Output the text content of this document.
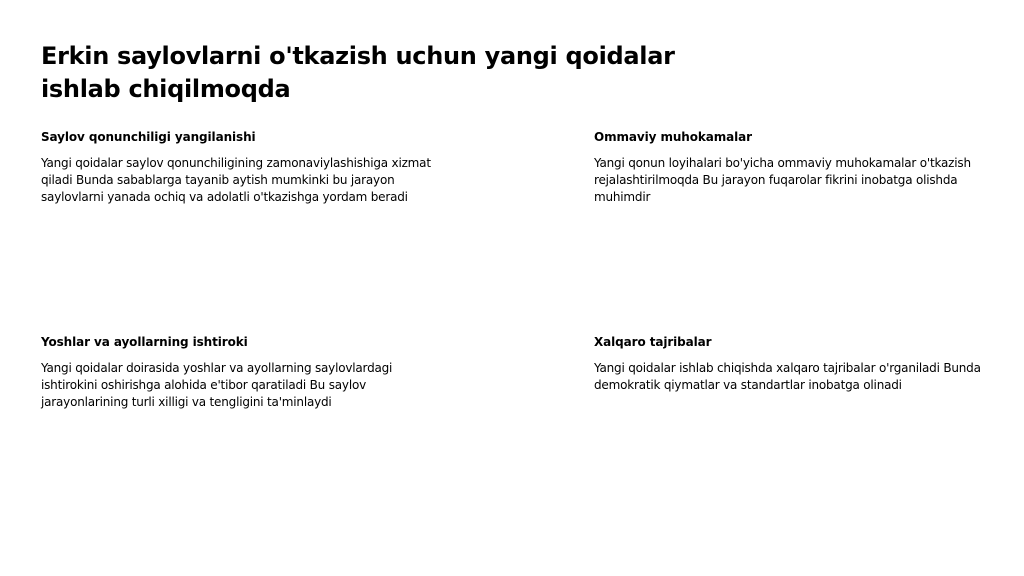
Erkin saylovlarni o'tkazish uchun yangi qoidalar ishlab chiqilmoqda
Saylov qonunchiligi yangilanishi

Yangi qoidalar saylov qonunchiligining zamonaviylashishiga xizmat qiladi Bunda sabablarga tayanib aytish mumkinki bu jarayon saylovlarni yanada ochiq va adolatli o'tkazishga yordam beradi

Ommaviy muhokamalar

Yangi qonun loyihalari bo'yicha ommaviy muhokamalar o'tkazish rejalashtirilmoqda Bu jarayon fuqarolar fikrini inobatga olishda muhimdir

Yoshlar va ayollarning ishtiroki

Yangi qoidalar doirasida yoshlar va ayollarning saylovlardagi ishtirokini oshirishga alohida e'tibor qaratiladi Bu saylov jarayonlarining turli xilligi va tengligini ta'minlaydi

Xalqaro tajribalar

Yangi qoidalar ishlab chiqishda xalqaro tajribalar o'rganiladi Bunda demokratik qiymatlar va standartlar inobatga olinadi
